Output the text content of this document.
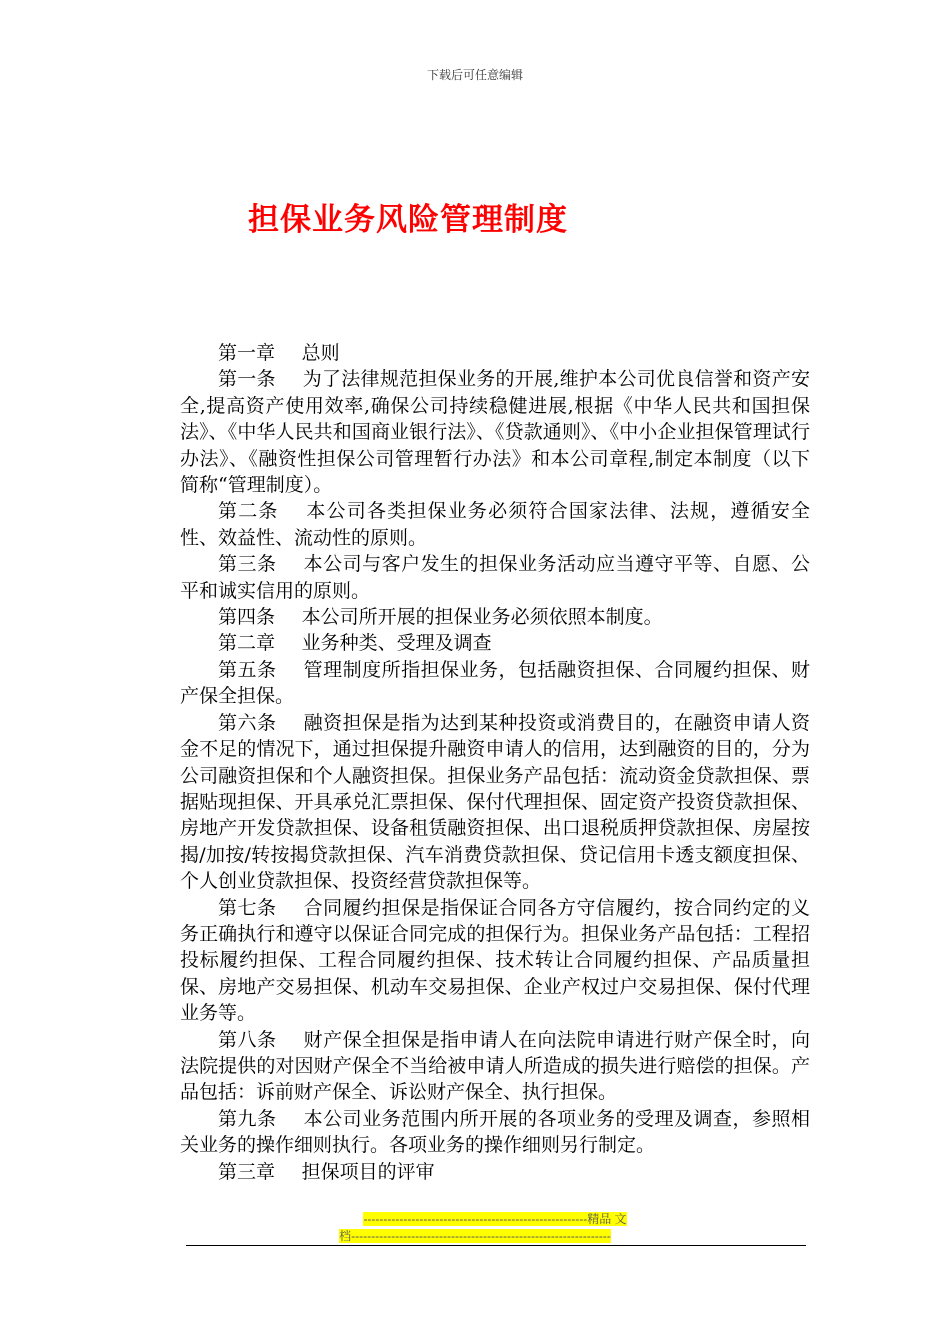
下载后可任意编辑
担保业务风险管理制度

第一章 总则

第一条 为了法律规范担保业务的开展,维护本公司优良信誉和资产安全,提高资产使用效率,确保公司持续稳健进展,根据《中华人民共和国担保法》、《中华人民共和国商业银行法》、《贷款通则》、《中小企业担保管理试行办法》、《融资性担保公司管理暂行办法》和本公司章程,制定本制度（以下简称“管理制度）。

第二条 本公司各类担保业务必须符合国家法律、法规，遵循安全性、效益性、流动性的原则。

第三条 本公司与客户发生的担保业务活动应当遵守平等、自愿、公平和诚实信用的原则。

第四条 本公司所开展的担保业务必须依照本制度。

第二章 业务种类、受理及调查

第五条 管理制度所指担保业务，包括融资担保、合同履约担保、财产保全担保。

第六条 融资担保是指为达到某种投资或消费目的，在融资申请人资金不足的情况下，通过担保提升融资申请人的信用，达到融资的目的，分为公司融资担保和个人融资担保。担保业务产品包括：流动资金贷款担保、票据贴现担保、开具承兑汇票担保、保付代理担保、固定资产投资贷款担保、房地产开发贷款担保、设备租赁融资担保、出口退税质押贷款担保、房屋按揭/加按/转按揭贷款担保、汽车消费贷款担保、贷记信用卡透支额度担保、个人创业贷款担保、投资经营贷款担保等。

第七条 合同履约担保是指保证合同各方守信履约，按合同约定的义务正确执行和遵守以保证合同完成的担保行为。担保业务产品包括：工程招投标履约担保、工程合同履约担保、技术转让合同履约担保、产品质量担保、房地产交易担保、机动车交易担保、企业产权过户交易担保、保付代理业务等。

第八条 财产保全担保是指申请人在向法院申请进行财产保全时，向法院提供的对因财产保全不当给被申请人所造成的损失进行赔偿的担保。产品包括：诉前财产保全、诉讼财产保全、执行担保。

第九条 本公司业务范围内所开展的各项业务的受理及调查，参照相关业务的操作细则执行。各项业务的操作细则另行制定。

第三章 担保项目的评审

--------------------------------------------------------精品 文
档-----------------------------------------------------------------
